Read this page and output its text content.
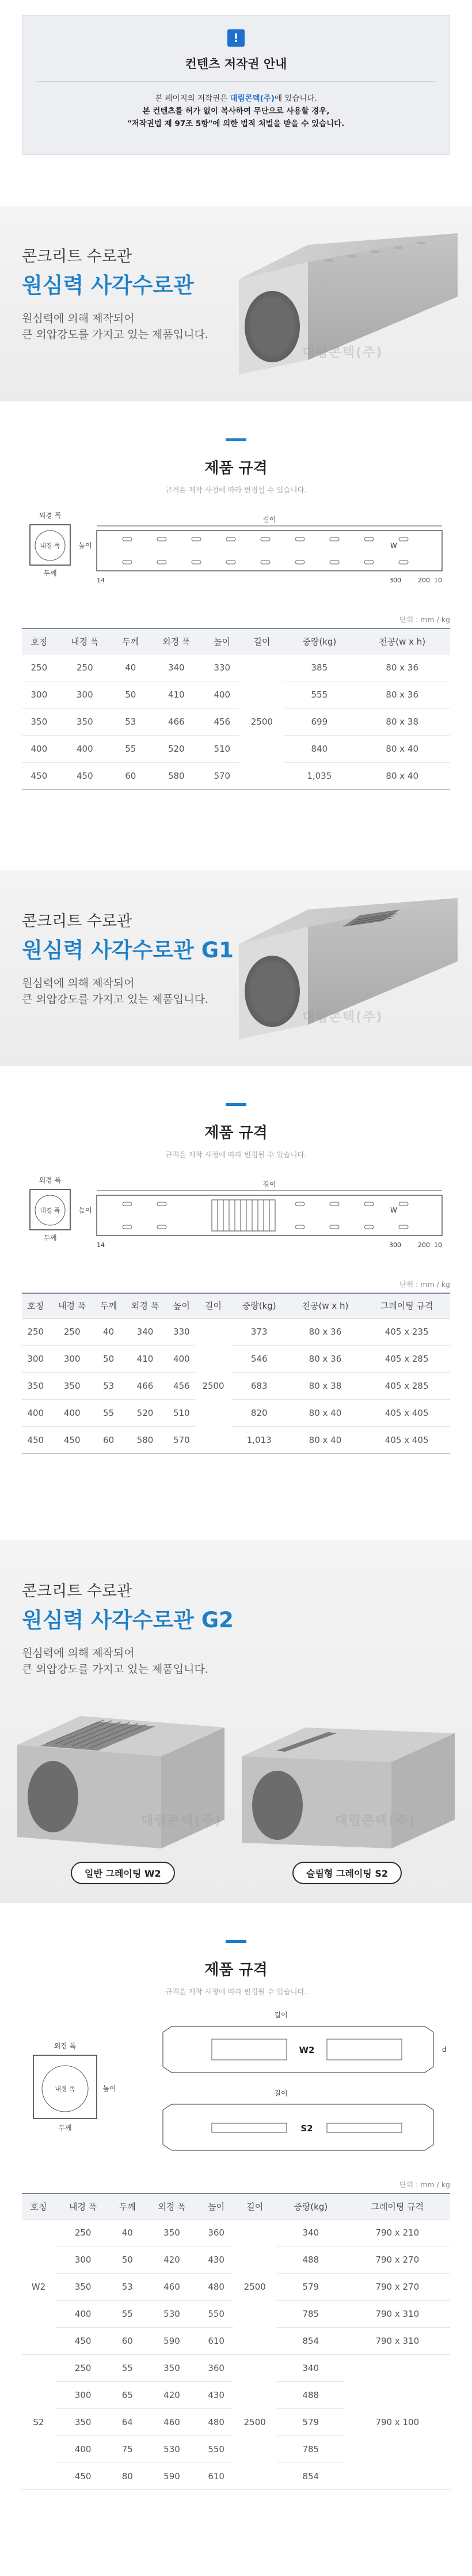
!
컨텐츠 저작권 안내
본 페이지의 저작권은 대림콘텍(주)에 있습니다.
본 컨텐츠를 허가 없이 복사하여 무단으로 사용할 경우,
"저작권법 제 97조 5항"에 의한 법적 처벌을 받을 수 있습니다.
콘크리트 수로관
원심력 사각수로관
원심력에 의해 제작되어
큰 외압강도를 가지고 있는 제품입니다.
대림콘텍(주)
제품 규격
규격은 제작 사정에 따라 변경될 수 있습니다.
내경 폭
외경 폭
두께
높이
길이
W
14	300	200 10
단위 : mm / kg
호칭	내경 폭	두께	외경 폭	높이	길이	중량(kg)	천공(w x h)
250	250	40	340	330	2500	385	80 x 36
300	300	50	410	400		555	80 x 36
350	350	53	466	456		699	80 x 38
400	400	55	520	510		840	80 x 40
450	450	60	580	570		1,035	80 x 40
콘크리트 수로관
원심력 사각수로관 G1
원심력에 의해 제작되어
큰 외압강도를 가지고 있는 제품입니다.
대림콘텍(주)
제품 규격
규격은 제작 사정에 따라 변경될 수 있습니다.
내경 폭
외경 폭
두께
높이
길이
W
14	300	200 10
단위 : mm / kg
호칭	내경 폭	두께	외경 폭	높이	길이	중량(kg)	천공(w x h)	그레이팅 규격
250	250	40	340	330	2500	373	80 x 36	405 x 235
300	300	50	410	400		546	80 x 36	405 x 285
350	350	53	466	456		683	80 x 38	405 x 285
400	400	55	520	510		820	80 x 40	405 x 405
450	450	60	580	570		1,013	80 x 40	405 x 405
콘크리트 수로관
원심력 사각수로관 G2
원심력에 의해 제작되어
큰 외압강도를 가지고 있는 제품입니다.
일반 그레이팅 W2	슬림형 그레이팅 S2
대림콘텍(주)	대림콘텍(주)
제품 규격
규격은 제작 사정에 따라 변경될 수 있습니다.
내경 폭
외경 폭
두께
높이
길이
W2	d
길이
S2
단위 : mm / kg
호칭	내경 폭	두께	외경 폭	높이	길이	중량(kg)	그레이팅 규격
W2	250	40	350	360	2500	340	790 x 210
	300	50	420	430		488	790 x 270
	350	53	460	480		579	790 x 270
	400	55	530	550		785	790 x 310
	450	60	590	610		854	790 x 310
S2	250	55	350	360	2500	340	790 x 100
	300	65	420	430		488	
	350	64	460	480		579	
	400	75	530	550		785	
	450	80	590	610		854	
